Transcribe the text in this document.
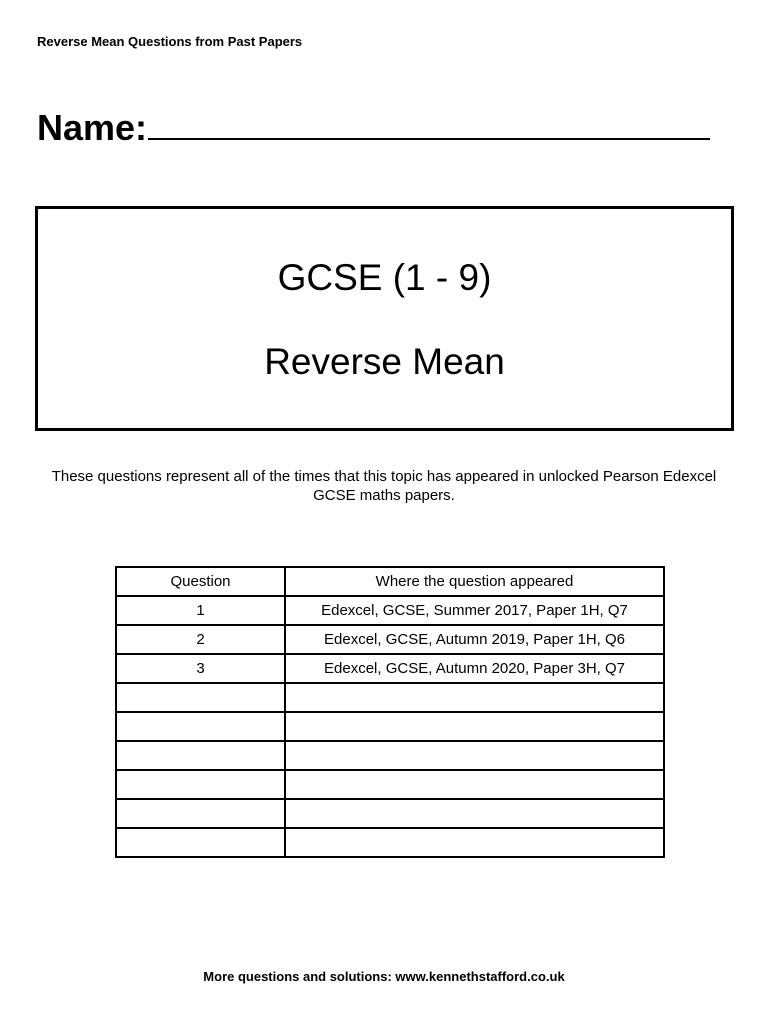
Reverse Mean Questions from Past Papers
Name:
GCSE (1 - 9)
Reverse Mean
These questions represent all of the times that this topic has appeared in unlocked Pearson Edexcel GCSE maths papers.
Question	Where the question appeared
1	Edexcel, GCSE, Summer 2017, Paper 1H, Q7
2	Edexcel, GCSE, Autumn 2019, Paper 1H, Q6
3	Edexcel, GCSE, Autumn 2020, Paper 3H, Q7

More questions and solutions: www.kennethstafford.co.uk
